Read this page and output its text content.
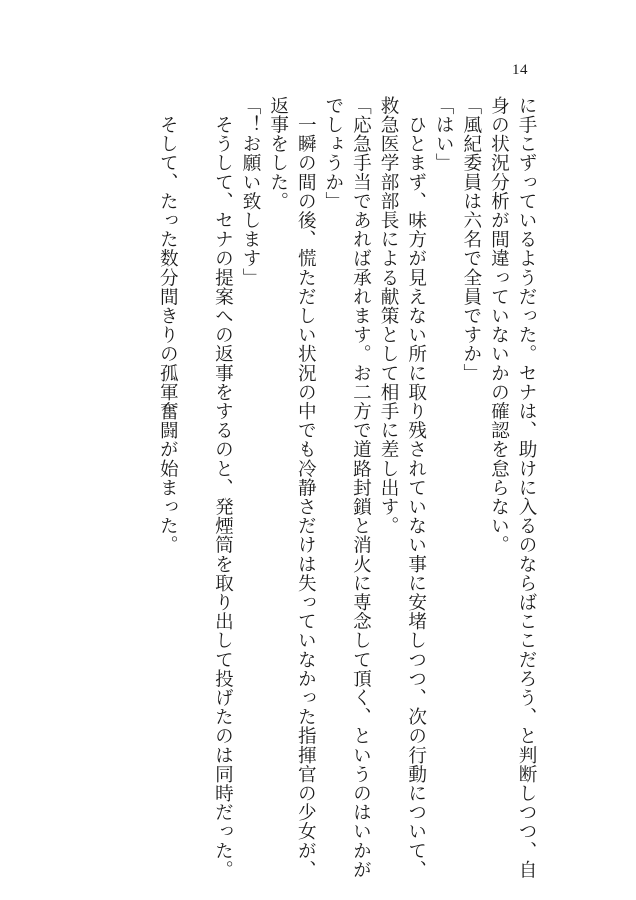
14
に手こずっているようだった。セナは、助けに入るのならばここだろう、と判断しつつ、自
身の状況分析が間違っていないかの確認を怠らない。
「風紀委員は六名で全員ですか」
「はい」
　ひとまず、味方が見えない所に取り残されていない事に安堵しつつ、次の行動について、
救急医学部部長による献策として相手に差し出す。
「応急手当であれば承れます。お二方で道路封鎖と消火に専念して頂く、というのはいかが
でしょうか」
　一瞬の間の後、慌ただしい状況の中でも冷静さだけは失っていなかった指揮官の少女が、
返事をした。
「！お願い致します」
　そうして、セナの提案への返事をするのと、発煙筒を取り出して投げたのは同時だった。

　そして、たった数分間きりの孤軍奮闘が始まった。
